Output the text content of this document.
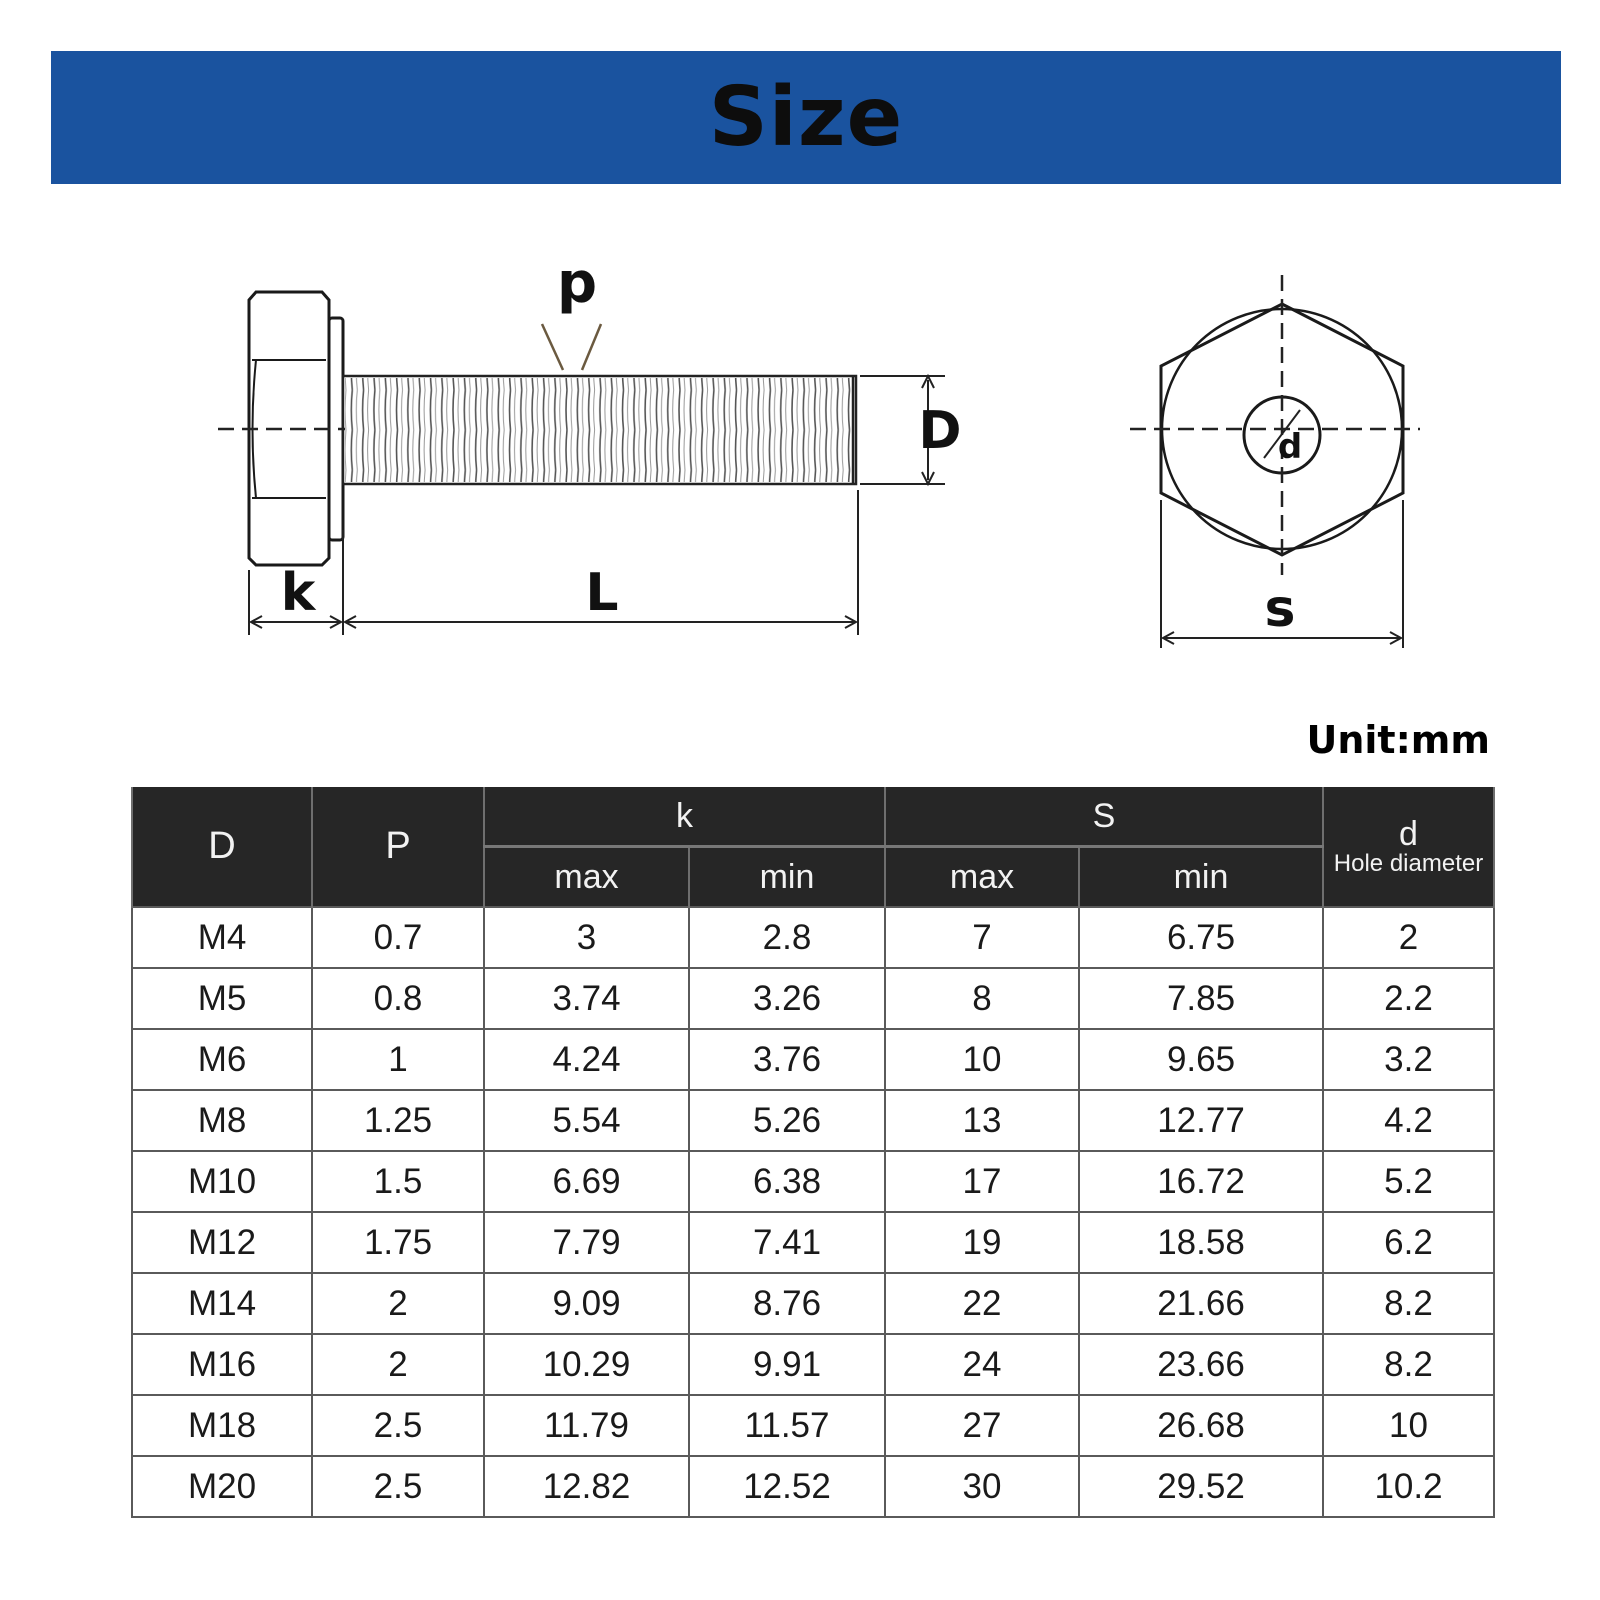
Size
p
D
k	L
d
s
Unit:mm
D	P	k		S		d
Hole diameter

		max	min	max	min	
M4	0.7	3	2.8	7	6.75	2
M5	0.8	3.74	3.26	8	7.85	2.2
M6	1	4.24	3.76	10	9.65	3.2
M8	1.25	5.54	5.26	13	12.77	4.2
M10	1.5	6.69	6.38	17	16.72	5.2
M12	1.75	7.79	7.41	19	18.58	6.2
M14	2	9.09	8.76	22	21.66	8.2
M16	2	10.29	9.91	24	23.66	8.2
M18	2.5	11.79	11.57	27	26.68	10
M20	2.5	12.82	12.52	30	29.52	10.2
